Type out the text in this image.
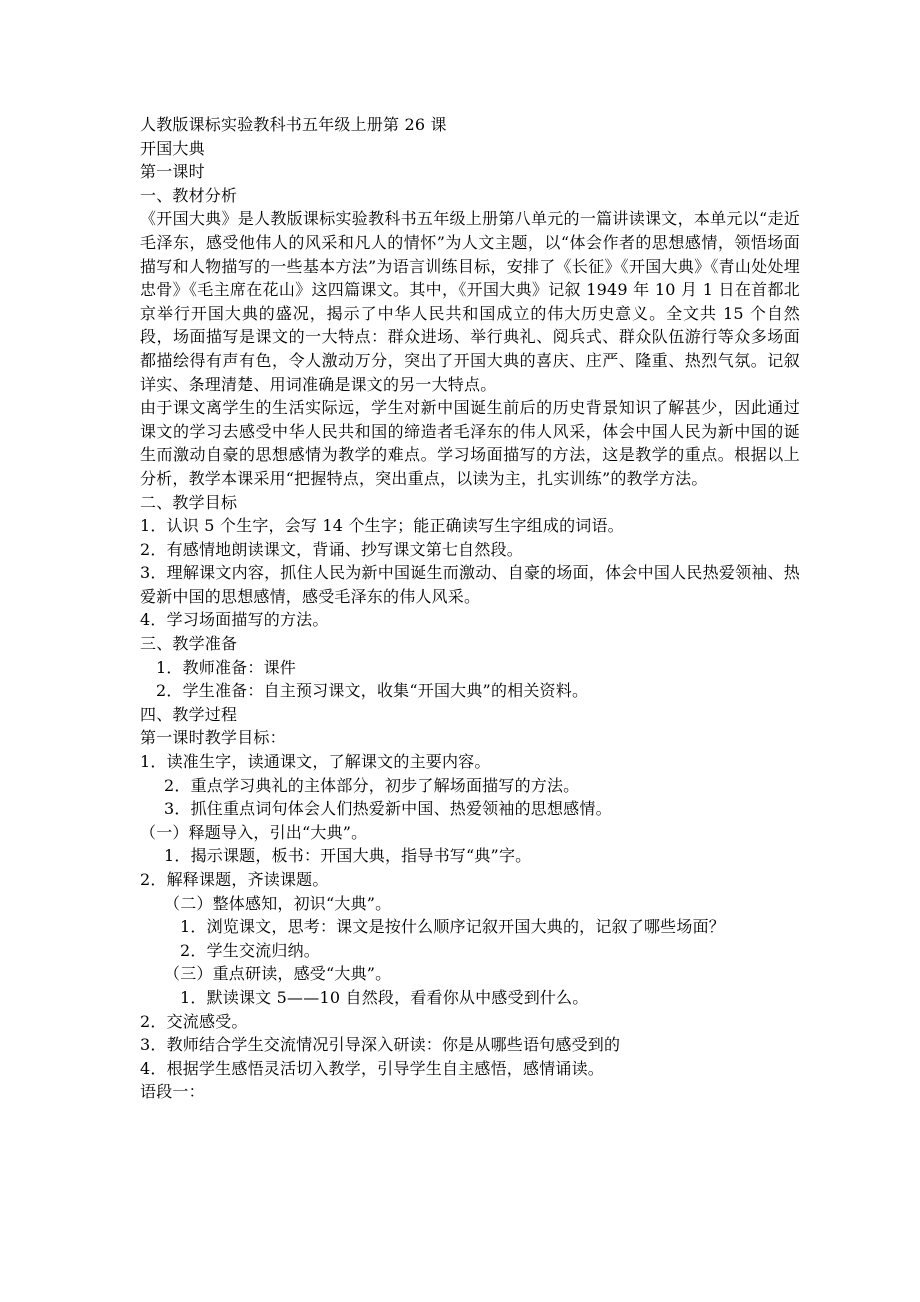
人教版课标实验教科书五年级上册第 26 课
开国大典
第一课时
一、教材分析
《开国大典》是人教版课标实验教科书五年级上册第八单元的一篇讲读课文，本单元以“走近毛泽东，感受他伟人的风采和凡人的情怀”为人文主题，以“体会作者的思想感情，领悟场面描写和人物描写的一些基本方法”为语言训练目标，安排了《长征》《开国大典》《青山处处埋忠骨》《毛主席在花山》这四篇课文。其中，《开国大典》记叙 1949 年 10 月 1 日在首都北京举行开国大典的盛况，揭示了中华人民共和国成立的伟大历史意义。全文共 15 个自然段，场面描写是课文的一大特点：群众进场、举行典礼、阅兵式、群众队伍游行等众多场面都描绘得有声有色，令人激动万分，突出了开国大典的喜庆、庄严、隆重、热烈气氛。记叙详实、条理清楚、用词准确是课文的另一大特点。
由于课文离学生的生活实际远，学生对新中国诞生前后的历史背景知识了解甚少，因此通过课文的学习去感受中华人民共和国的缔造者毛泽东的伟人风采，体会中国人民为新中国的诞生而激动自豪的思想感情为教学的难点。学习场面描写的方法，这是教学的重点。根据以上分析，教学本课采用“把握特点，突出重点，以读为主，扎实训练”的教学方法。
二、教学目标
1．认识 5 个生字，会写 14 个生字；能正确读写生字组成的词语。
2．有感情地朗读课文，背诵、抄写课文第七自然段。
3．理解课文内容，抓住人民为新中国诞生而激动、自豪的场面，体会中国人民热爱领袖、热爱新中国的思想感情，感受毛泽东的伟人风采。
4．学习场面描写的方法。
三、教学准备
1．教师准备：课件
2．学生准备：自主预习课文，收集“开国大典”的相关资料。
四、教学过程
第一课时教学目标：
1．读准生字，读通课文，了解课文的主要内容。
2．重点学习典礼的主体部分，初步了解场面描写的方法。
3．抓住重点词句体会人们热爱新中国、热爱领袖的思想感情。
（一）释题导入，引出“大典”。
1．揭示课题，板书：开国大典，指导书写“典”字。
2．解释课题，齐读课题。
（二）整体感知，初识“大典”。
1．浏览课文，思考：课文是按什么顺序记叙开国大典的，记叙了哪些场面？
2．学生交流归纳。
（三）重点研读，感受“大典”。
1．默读课文 5——10 自然段，看看你从中感受到什么。
2．交流感受。
3．教师结合学生交流情况引导深入研读：你是从哪些语句感受到的
4．根据学生感悟灵活切入教学，引导学生自主感悟，感情诵读。
语段一：
